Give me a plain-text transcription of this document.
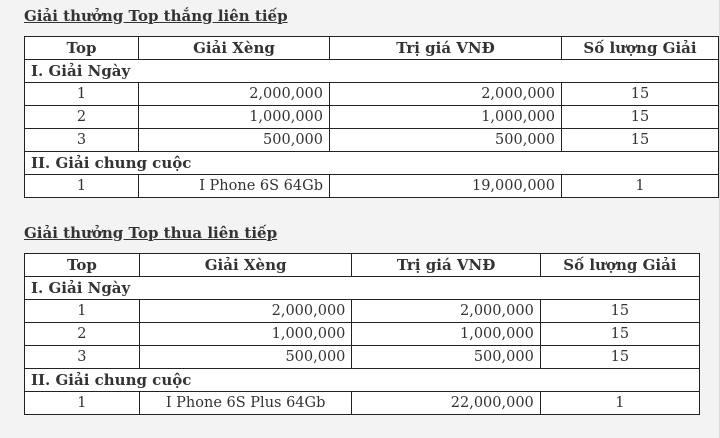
Giải thưởng Top thắng liên tiếp
Top	Giải Xèng	Trị giá VNĐ	Số lượng Giải
I. Giải Ngày			
1	2,000,000	2,000,000	15
2	1,000,000	1,000,000	15
3	500,000	500,000	15
II. Giải chung cuộc			
1	I Phone 6S 64Gb	19,000,000	1
Giải thưởng Top thua liên tiếp
Top	Giải Xèng	Trị giá VNĐ	Số lượng Giải
I. Giải Ngày			
1	2,000,000	2,000,000	15
2	1,000,000	1,000,000	15
3	500,000	500,000	15
II. Giải chung cuộc			
1	I Phone 6S Plus 64Gb	22,000,000	1
